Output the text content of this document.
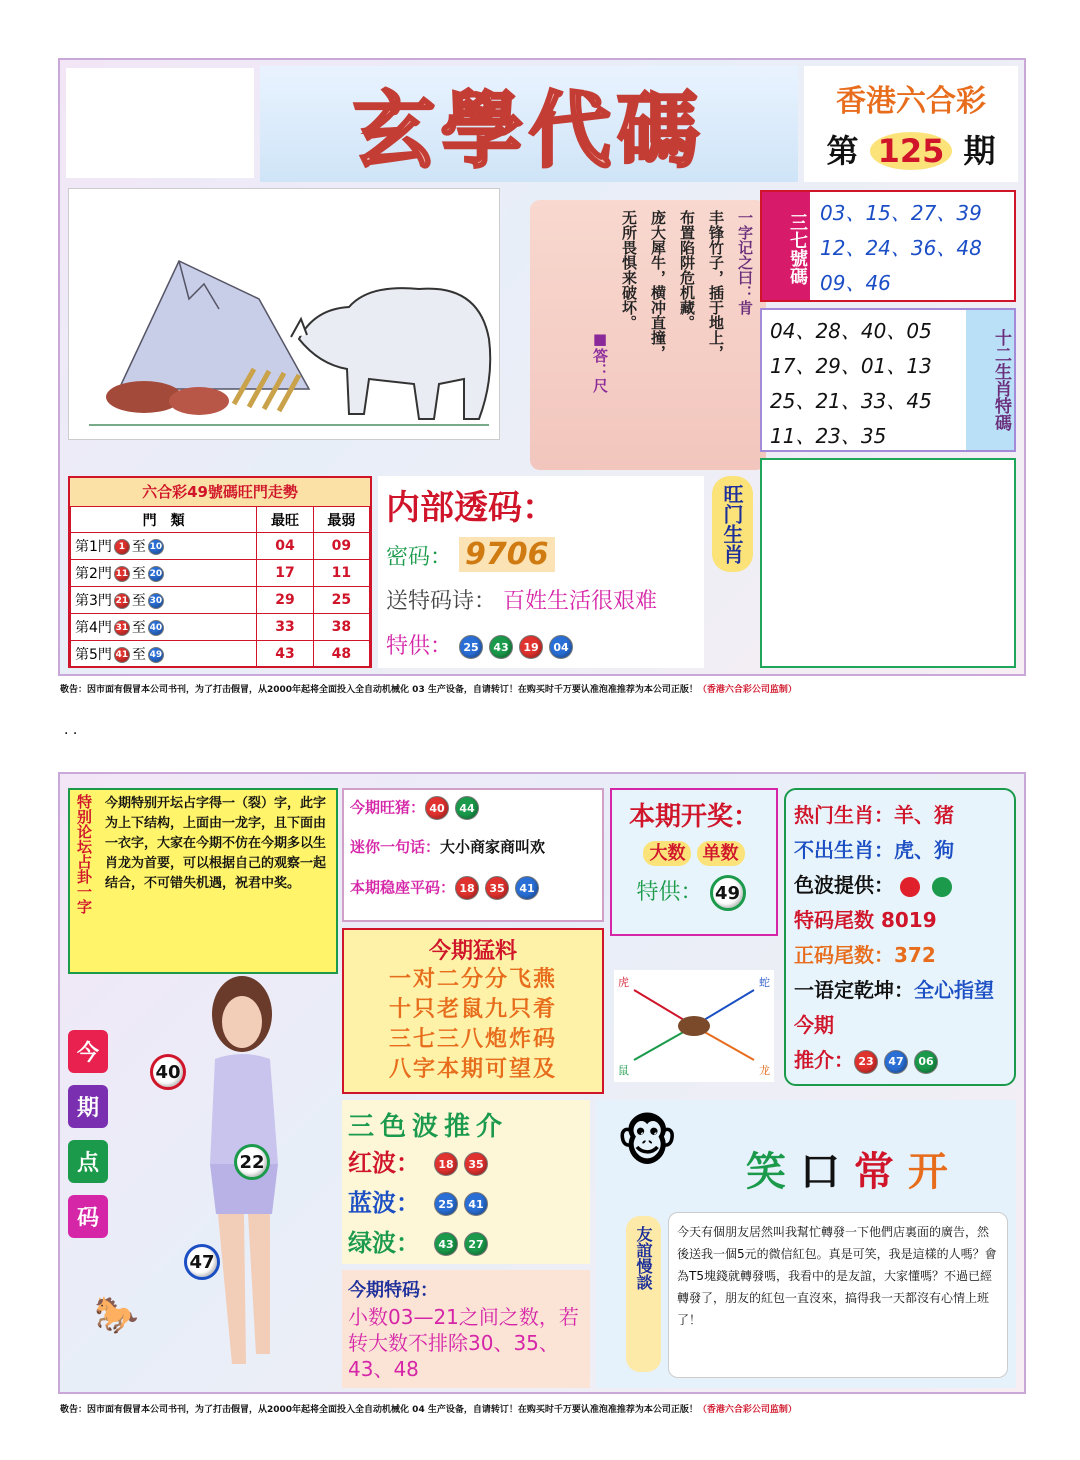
玄學代碼	香港六合彩
第 125 期
一字记之曰：肯
丰锋竹子，插于地上，
布置陷阱危机藏。
庞大犀牛，横冲直撞，
无所畏惧来破坏。
■答：尺
三七號碼 03、15、27、39
12、24、36、48
09、46
04、28、40、05
17、29、01、13
25、21、33、45
11、23、35
十二生肖特碼
六合彩49號碼旺門走勢
門　類	最旺	最弱
第1門 1 至 10	04	09
第2門 11 至 20	17	11
第3門 21 至 30	29	25
第4門 31 至 40	33	38
第5門 41 至 49	43	48
内部透码：
密码： 9706
送特码诗： 百姓生活很艰难
特供： 25 43 19 04
旺门生肖
敬告：因市面有假冒本公司书刊，为了打击假冒，从2000年起将全面投入全自动机械化 03 生产设备，自请转订！在购买时千万要认准泡准推荐为本公司正版！（香港六合彩公司监制）
. .
特别论坛占卦一字 今期特别开坛占字得一（裂）字，此字为上下结构，上面由一龙字，且下面由一衣字，大家在今期不仿在今期多以生肖龙为首要，可以根据自己的观察一起结合，不可错失机遇，祝君中奖。
今期旺猪： 40 44
迷你一句话：大小商家商叫欢
本期稳座平码： 18 35 41
本期开奖：
大数 单数
特供： 49
热门生肖：羊、猪
不出生肖：虎、狗
色波提供：
特码尾数 8019
正码尾数：372
一语定乾坤：全心指望
今期
推介： 23 47 06
今期猛料
一对二分分飞燕
十只老鼠九只肴
三七三八炮炸码
八字本期可望及
虎	蛇
鼠	龙
今
期
点
码
40
22
47
🐎
三色波推介
红波： 18 35
蓝波： 25 41
绿波： 43 27
今期特码：
小数03—21之间之数，若转大数不排除30、35、43、48
🐵 笑 口 常 开
友誼慢談	今天有個朋友居然叫我幫忙轉發一下他們店裏面的廣告，然後送我一個5元的微信紅包。真是可笑，我是這樣的人嗎？會為T5塊錢就轉發嗎，我看中的是友誼，大家懂嗎？不過已經轉發了，朋友的紅包一直沒來，搞得我一天都沒有心情上班了！
敬告：因市面有假冒本公司书刊，为了打击假冒，从2000年起将全面投入全自动机械化 04 生产设备，自请转订！在购买时千万要认准泡准推荐为本公司正版！（香港六合彩公司监制）
